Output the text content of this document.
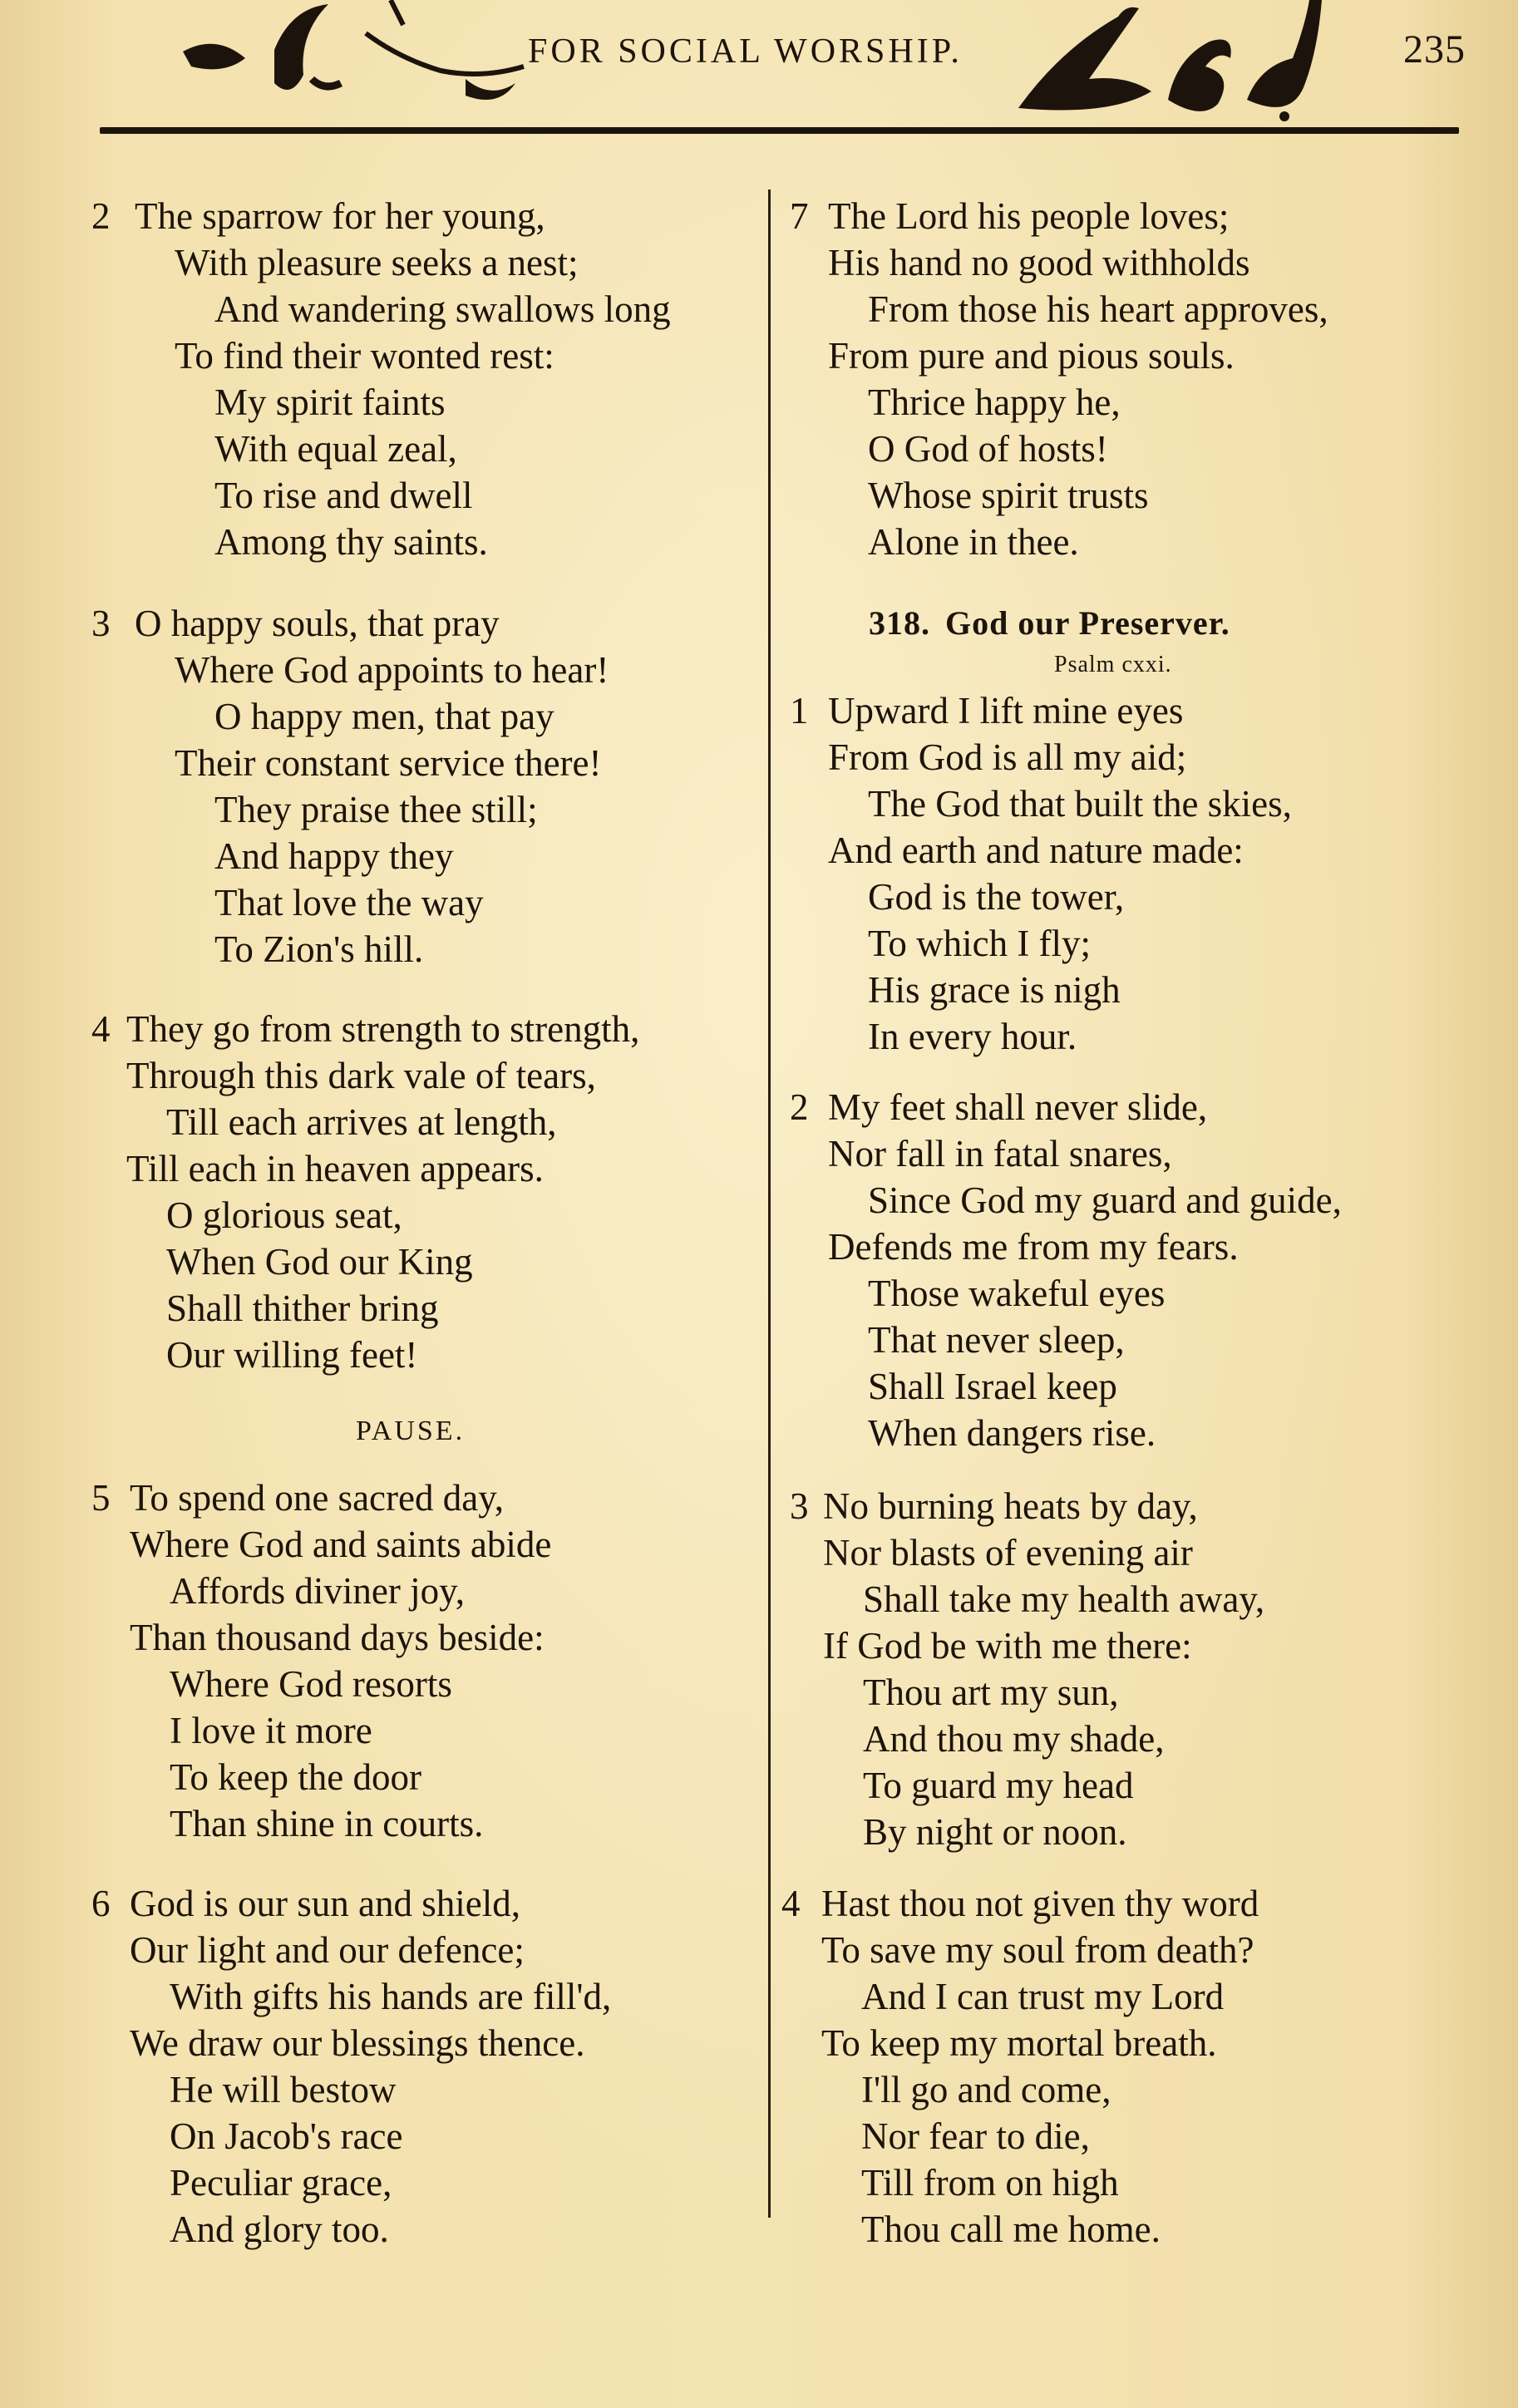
FOR SOCIAL WORSHIP.	235
2 The sparrow for her young,
With pleasure seeks a nest;
And wandering swallows long
To find their wonted rest:
My spirit faints
With equal zeal,
To rise and dwell
Among thy saints.
3 O happy souls, that pray
Where God appoints to hear!
O happy men, that pay
Their constant service there!
They praise thee still;
And happy they
That love the way
To Zion's hill.
4 They go from strength to strength,
Through this dark vale of tears,
Till each arrives at length,
Till each in heaven appears.
O glorious seat,
When God our King
Shall thither bring
Our willing feet!
PAUSE.
5 To spend one sacred day,
Where God and saints abide
Affords diviner joy,
Than thousand days beside:
Where God resorts
I love it more
To keep the door
Than shine in courts.
6 God is our sun and shield,
Our light and our defence;
With gifts his hands are fill'd,
We draw our blessings thence.
He will bestow
On Jacob's race
Peculiar grace,
And glory too.
7 The Lord his people loves;
His hand no good withholds
From those his heart approves,
From pure and pious souls.
Thrice happy he,
O God of hosts!
Whose spirit trusts
Alone in thee.
318. God our Preserver.
Psalm cxxi.
1 Upward I lift mine eyes
From God is all my aid;
The God that built the skies,
And earth and nature made:
God is the tower,
To which I fly;
His grace is nigh
In every hour.
2 My feet shall never slide,
Nor fall in fatal snares,
Since God my guard and guide,
Defends me from my fears.
Those wakeful eyes
That never sleep,
Shall Israel keep
When dangers rise.
3 No burning heats by day,
Nor blasts of evening air
Shall take my health away,
If God be with me there:
Thou art my sun,
And thou my shade,
To guard my head
By night or noon.
4 Hast thou not given thy word
To save my soul from death?
And I can trust my Lord
To keep my mortal breath.
I'll go and come,
Nor fear to die,
Till from on high
Thou call me home.
